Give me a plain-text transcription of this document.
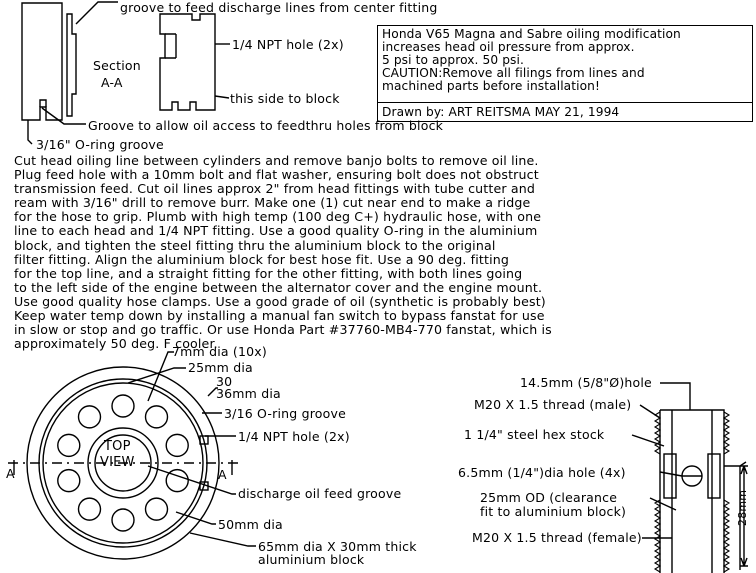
Section
A-A
groove to feed discharge lines from center fitting
1/4 NPT hole (2x)
this side to block
Groove to allow oil access to feedthru holes from block
3/16" O-ring groove
Honda V65 Magna and Sabre oiling modification
increases head oil pressure from approx.
5 psi to approx. 50 psi.
CAUTION:Remove all filings from lines and
machined parts before installation!
Drawn by: ART REITSMA MAY 21, 1994
Cut head oiling line between cylinders and remove banjo bolts to remove oil line.
Plug feed hole with a 10mm bolt and flat washer, ensuring bolt does not obstruct
transmission feed. Cut oil lines approx 2" from head fittings with tube cutter and
ream with 3/16" drill to remove burr. Make one (1) cut near end to make a ridge
for the hose to grip. Plumb with high temp (100 deg C+) hydraulic hose, with one
line to each head and 1/4 NPT fitting. Use a good quality O-ring in the aluminium
block, and tighten the steel fitting thru the aluminium block to the original
filter fitting. Align the aluminium block for best hose fit. Use a 90 deg. fitting
for the top line, and a straight fitting for the other fitting, with both lines going
to the left side of the engine between the alternator cover and the engine mount.
Use good quality hose clamps. Use a good grade of oil (synthetic is probably best)
Keep water temp down by installing a manual fan switch to bypass fanstat for use
in slow or stop and go traffic. Or use Honda Part #37760-MB4-770 fanstat, which is
approximately 50 deg. F cooler.
TOP
VIEW
A	A
7mm dia (10x)
25mm dia
30
36mm dia
3/16 O-ring groove
1/4 NPT hole (2x)
discharge oil feed groove
50mm dia
65mm dia X 30mm thick
aluminium block
14.5mm (5/8"Ø)hole
M20 X 1.5 thread (male)
1 1/4" steel hex stock
6.5mm (1/4")dia hole (4x)
25mm OD (clearance
fit to aluminium block)
M20 X 1.5 thread (female)
28mm
